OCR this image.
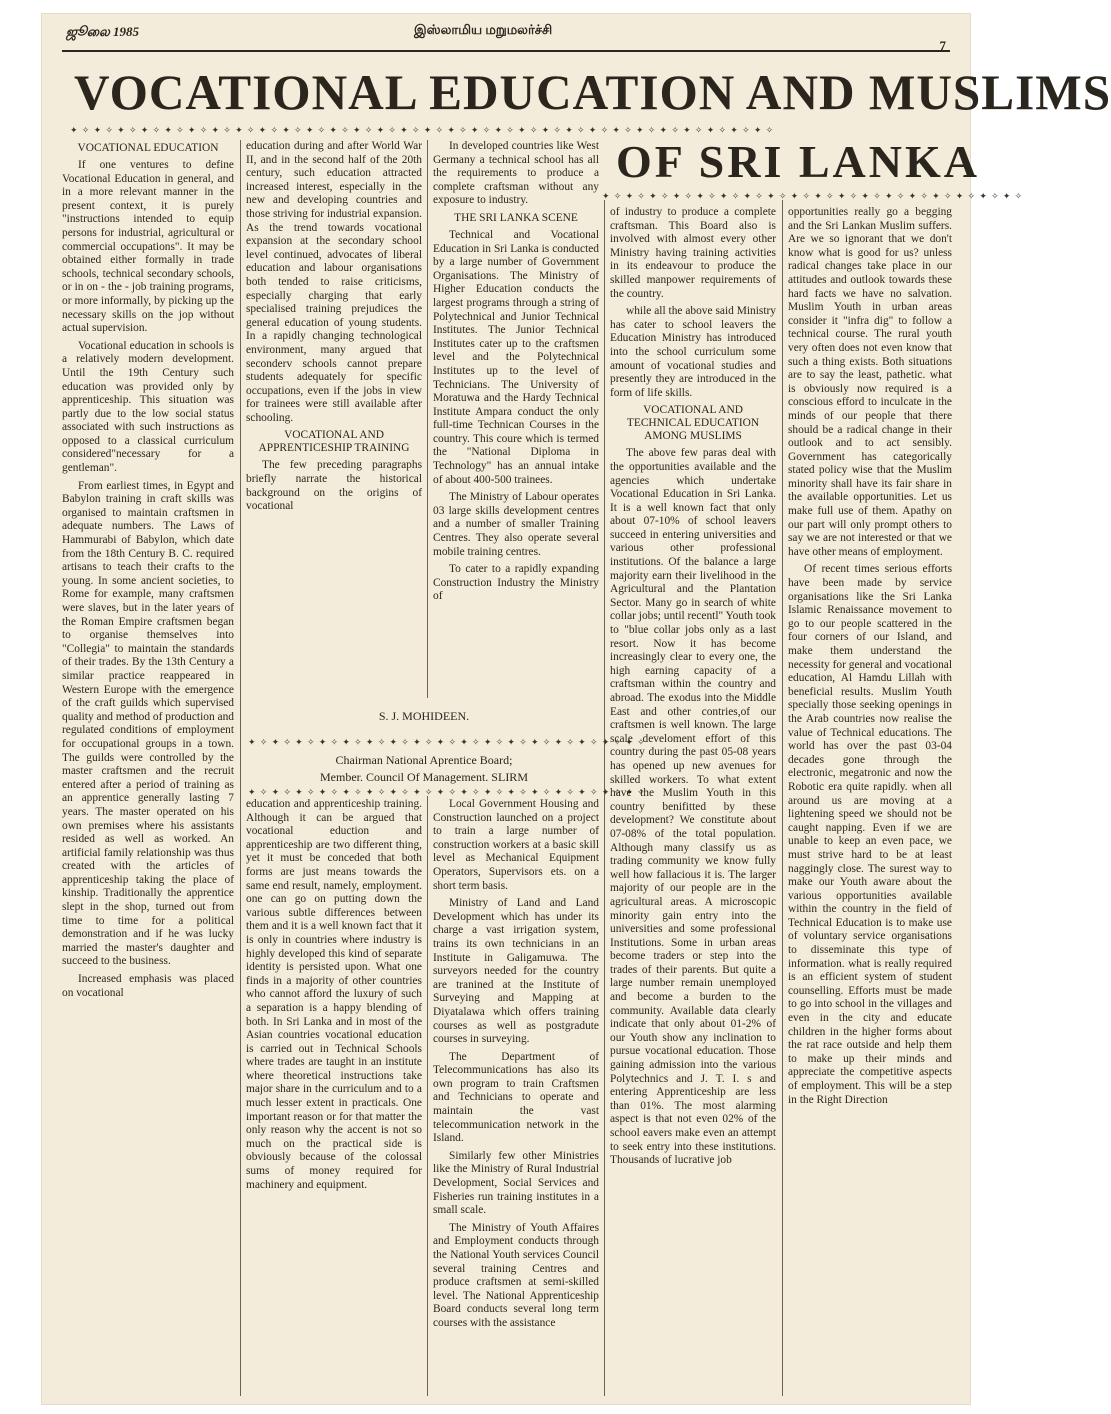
ஜூலை 1985	இஸ்லாமிய மறுமலர்ச்சி
7
VOCATIONAL EDUCATION AND MUSLIMS
✦ ✧ ✦ ✧ ✦ ✧ ✦ ✧ ✦ ✧ ✦ ✧ ✦ ✧ ✦ ✧ ✦ ✧ ✦ ✧ ✦ ✧ ✦ ✧ ✦ ✧ ✦ ✧ ✦ ✧ ✦ ✧ ✦ ✧ ✦ ✧ ✦ ✧ ✦ ✧ ✦ ✧ ✦ ✧ ✦ ✧ ✦ ✧ ✦ ✧ ✦ ✧ ✦ ✧ ✦ ✧ ✦ ✧ ✦ ✧
OF SRI LANKA
✦ ✧ ✦ ✧ ✦ ✧ ✦ ✧ ✦ ✧ ✦ ✧ ✦ ✧ ✦ ✧ ✦ ✧ ✦ ✧ ✦ ✧ ✦ ✧ ✦ ✧ ✦ ✧ ✦ ✧ ✦ ✧ ✦ ✧ ✦ ✧
VOCATIONAL EDUCATION

If one ventures to define Vocational Education in general, and in a more relevant manner in the present context, it is purely "instructions intended to equip persons for industrial, agricultural or commercial occupations". It may be obtained either formally in trade schools, technical secondary schools, or in on - the - job training programs, or more informally, by picking up the necessary skills on the jop without actual supervision.

Vocational education in schools is a relatively modern development. Until the 19th Century such education was provided only by apprenticeship. This situation was partly due to the low social status associated with such instructions as opposed to a classical curriculum considered"necessary for a gentleman".

From earliest times, in Egypt and Babylon training in craft skills was organised to maintain craftsmen in adequate numbers. The Laws of Hammurabi of Babylon, which date from the 18th Century B. C. required artisans to teach their crafts to the young. In some ancient societies, to Rome for example, many craftsmen were slaves, but in the later years of the Roman Empire craftsmen began to organise themselves into "Collegia" to maintain the standards of their trades. By the 13th Century a similar practice reappeared in Western Europe with the emergence of the craft guilds which supervised quality and method of production and regulated conditions of employment for occupational groups in a town. The guilds were controlled by the master craftsmen and the recruit entered after a period of training as an apprentice generally lasting 7 years. The master operated on his own premises where his assistants resided as well as worked. An artificial family relationship was thus created with the articles of apprenticeship taking the place of kinship. Traditionally the apprentice slept in the shop, turned out from time to time for a political demonstration and if he was lucky married the master's daughter and succeed to the business.

Increased emphasis was placed on vocational

education during and after World War II, and in the second half of the 20th century, such education attracted increased interest, especially in the new and developing countries and those striving for industrial expansion. As the trend towards vocational expansion at the secondary school level continued, advocates of liberal education and labour organisations both tended to raise criticisms, especially charging that early specialised training prejudices the general education of young students. In a rapidly changing technological environment, many argued that seconderv schools cannot prepare students adequately for specific occupations, even if the jobs in view for trainees were still available after schooling.

VOCATIONAL AND APPRENTICESHIP TRAINING

The few preceding paragraphs briefly narrate the historical background on the origins of vocational

In developed countries like West Germany a technical school has all the requirements to produce a complete craftsman without any exposure to industry.

THE SRI LANKA SCENE

Technical and Vocational Education in Sri Lanka is conducted by a large number of Government Organisations. The Ministry of Higher Education conducts the largest programs through a string of Polytechnical and Junior Technical Institutes. The Junior Technical Institutes cater up to the craftsmen level and the Polytechnical Institutes up to the level of Technicians. The University of Moratuwa and the Hardy Technical Institute Ampara conduct the only full-time Technican Courses in the country. This coure which is termed the "National Diploma in Technology" has an annual intake of about 400-500 trainees.

The Ministry of Labour operates 03 large skills development centres and a number of smaller Training Centres. They also operate several mobile training centres.

To cater to a rapidly expanding Construction Industry the Ministry of

✦ ✧ ✦ ✧ ✦ ✧ ✦ ✧ ✦ ✧ ✦ ✧ ✦ ✧ ✦ ✧ ✦ ✧ ✦ ✧ ✦ ✧ ✦ ✧ ✦ ✧ ✦ ✧ ✦ ✧ ✦ ✧ ✦ ✧
S. J. MOHIDEEN.
Chairman National Aprentice Board;
Member. Council Of Management. SLIRM
✦ ✧ ✦ ✧ ✦ ✧ ✦ ✧ ✦ ✧ ✦ ✧ ✦ ✧ ✦ ✧ ✦ ✧ ✦ ✧ ✦ ✧ ✦ ✧ ✦ ✧ ✦ ✧ ✦ ✧ ✦ ✧ ✦ ✧

education and apprenticeship training. Although it can be argued that vocational eduction and apprenticeship are two different thing, yet it must be conceded that both forms are just means towards the same end result, namely, employment. one can go on putting down the various subtle differences between them and it is a well known fact that it is only in countries where industry is highly developed this kind of separate identity is persisted upon. What one finds in a majority of other countries who cannot afford the luxury of such a separation is a happy blending of both. In Sri Lanka and in most of the Asian countries vocational education is carried out in Technical Schools where trades are taught in an institute where theoretical instructions take major share in the curriculum and to a much lesser extent in practicals. One important reason or for that matter the only reason why the accent is not so much on the practical side is obviously because of the colossal sums of money required for machinery and equipment.

Local Government Housing and Construction launched on a project to train a large number of construction workers at a basic skill level as Mechanical Equipment Operators, Supervisors ets. on a short term basis.

Ministry of Land and Land Development which has under its charge a vast irrigation system, trains its own technicians in an Institute in Galigamuwa. The surveyors needed for the country are tranined at the Institute of Surveying and Mapping at Diyatalawa which offers training courses as well as postgradute courses in surveying.

The Department of Telecommunications has also its own program to train Craftsmen and Technicians to operate and maintain the vast telecommunication network in the Island.

Similarly few other Ministries like the Ministry of Rural Industrial Development, Social Services and Fisheries run training institutes in a small scale.

The Ministry of Youth Affaires and Employment conducts through the National Youth services Council several training Centres and produce craftsmen at semi-skilled level. The National Apprenticeship Board conducts several long term courses with the assistance

of industry to produce a complete craftsman. This Board also is involved with almost every other Ministry having training activities in its endeavour to produce the skilled manpower requirements of the country.

while all the above said Ministry has cater to school leavers the Education Ministry has introduced into the school curriculum some amount of vocational studies and presently they are introduced in the form of life skills.

VOCATIONAL AND TECHNICAL EDUCATION AMONG MUSLIMS

The above few paras deal with the opportunities available and the agencies which undertake Vocational Education in Sri Lanka. It is a well known fact that only about 07-10% of school leavers succeed in entering universities and various other professional institutions. Of the balance a large majority earn their livelihood in the Agricultural and the Plantation Sector. Many go in search of white collar jobs; until recentl" Youth took to "blue collar jobs only as a last resort. Now it has become increasingly clear to every one, the high earning capacity of a craftsman within the country and abroad. The exodus into the Middle East and other contries,of our craftsmen is well known. The large scale develoment effort of this country during the past 05-08 years has opened up new avenues for skilled workers. To what extent have the Muslim Youth in this country benifitted by these development? We constitute about 07-08% of the total population. Although many classify us as trading community we know fully well how fallacious it is. The larger majority of our people are in the agricultural areas. A microscopic minority gain entry into the universities and some professional Institutions. Some in urban areas become traders or step into the trades of their parents. But quite a large number remain unemployed and become a burden to the community. Available data clearly indicate that only about 01-2% of our Youth show any inclination to pursue vocational education. Those gaining admission into the various Polytechnics and J. T. I. s and entering Apprenticeship are less than 01%. The most alarming aspect is that not even 02% of the school eavers make even an attempt to seek entry into these institutions. Thousands of lucrative job

opportunities really go a begging and the Sri Lankan Muslim suffers. Are we so ignorant that we don't know what is good for us? unless radical changes take place in our attitudes and outlook towards these hard facts we have no salvation. Muslim Youth in urban areas consider it "infra dig" to follow a technical course. The rural youth very often does not even know that such a thing exists. Both situations are to say the least, pathetic. what is obviously now required is a conscious efford to inculcate in the minds of our people that there should be a radical change in their outlook and to act sensibly. Government has categorically stated policy wise that the Muslim minority shall have its fair share in the available opportunities. Let us make full use of them. Apathy on our part will only prompt others to say we are not interested or that we have other means of employment.

Of recent times serious efforts have been made by service organisations like the Sri Lanka Islamic Renaissance movement to go to our people scattered in the four corners of our Island, and make them understand the necessity for general and vocational education, Al Hamdu Lillah with beneficial results. Muslim Youth specially those seeking openings in the Arab countries now realise the value of Technical educations. The world has over the past 03-04 decades gone through the electronic, megatronic and now the Robotic era quite rapidly. when all around us are moving at a lightening speed we should not be caught napping. Even if we are unable to keep an even pace, we must strive hard to be at least naggingly close. The surest way to make our Youth aware about the various opportunities available within the country in the field of Technical Education is to make use of voluntary service organisations to disseminate this type of information. what is really required is an efficient system of student counselling. Efforts must be made to go into school in the villages and even in the city and educate children in the higher forms about the rat race outside and help them to make up their minds and appreciate the competitive aspects of employment. This will be a step in the Right Direction
